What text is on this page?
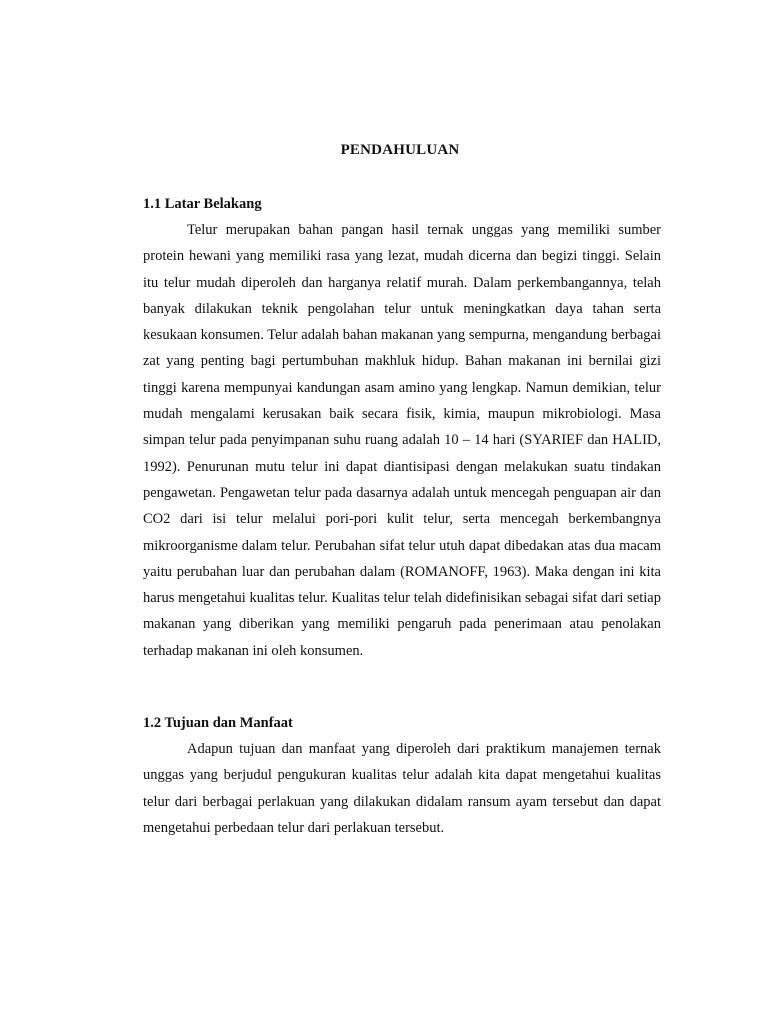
PENDAHULUAN

1.1 Latar Belakang

Telur merupakan bahan pangan hasil ternak unggas yang memiliki sumber protein hewani yang memiliki rasa yang lezat, mudah dicerna dan begizi tinggi. Selain itu telur mudah diperoleh dan harganya relatif murah. Dalam perkembangannya, telah banyak dilakukan teknik pengolahan telur untuk meningkatkan daya tahan serta kesukaan konsumen. Telur adalah bahan makanan yang sempurna, mengandung berbagai zat yang penting bagi pertumbuhan makhluk hidup. Bahan makanan ini bernilai gizi tinggi karena mempunyai kandungan asam amino yang lengkap. Namun demikian, telur mudah mengalami kerusakan baik secara fisik, kimia, maupun mikrobiologi. Masa simpan telur pada penyimpanan suhu ruang adalah 10 – 14 hari (SYARIEF dan HALID, 1992). Penurunan mutu telur ini dapat diantisipasi dengan melakukan suatu tindakan pengawetan. Pengawetan telur pada dasarnya adalah untuk mencegah penguapan air dan CO2 dari isi telur melalui pori-pori kulit telur, serta mencegah berkembangnya mikroorganisme dalam telur. Perubahan sifat telur utuh dapat dibedakan atas dua macam yaitu perubahan luar dan perubahan dalam (ROMANOFF, 1963). Maka dengan ini kita harus mengetahui kualitas telur. Kualitas telur telah didefinisikan sebagai sifat dari setiap makanan yang diberikan yang memiliki pengaruh pada penerimaan atau penolakan terhadap makanan ini oleh konsumen.

1.2 Tujuan dan Manfaat

Adapun tujuan dan manfaat yang diperoleh dari praktikum manajemen ternak unggas yang berjudul pengukuran kualitas telur adalah kita dapat mengetahui kualitas telur dari berbagai perlakuan yang dilakukan didalam ransum ayam tersebut dan dapat mengetahui perbedaan telur dari perlakuan tersebut.
